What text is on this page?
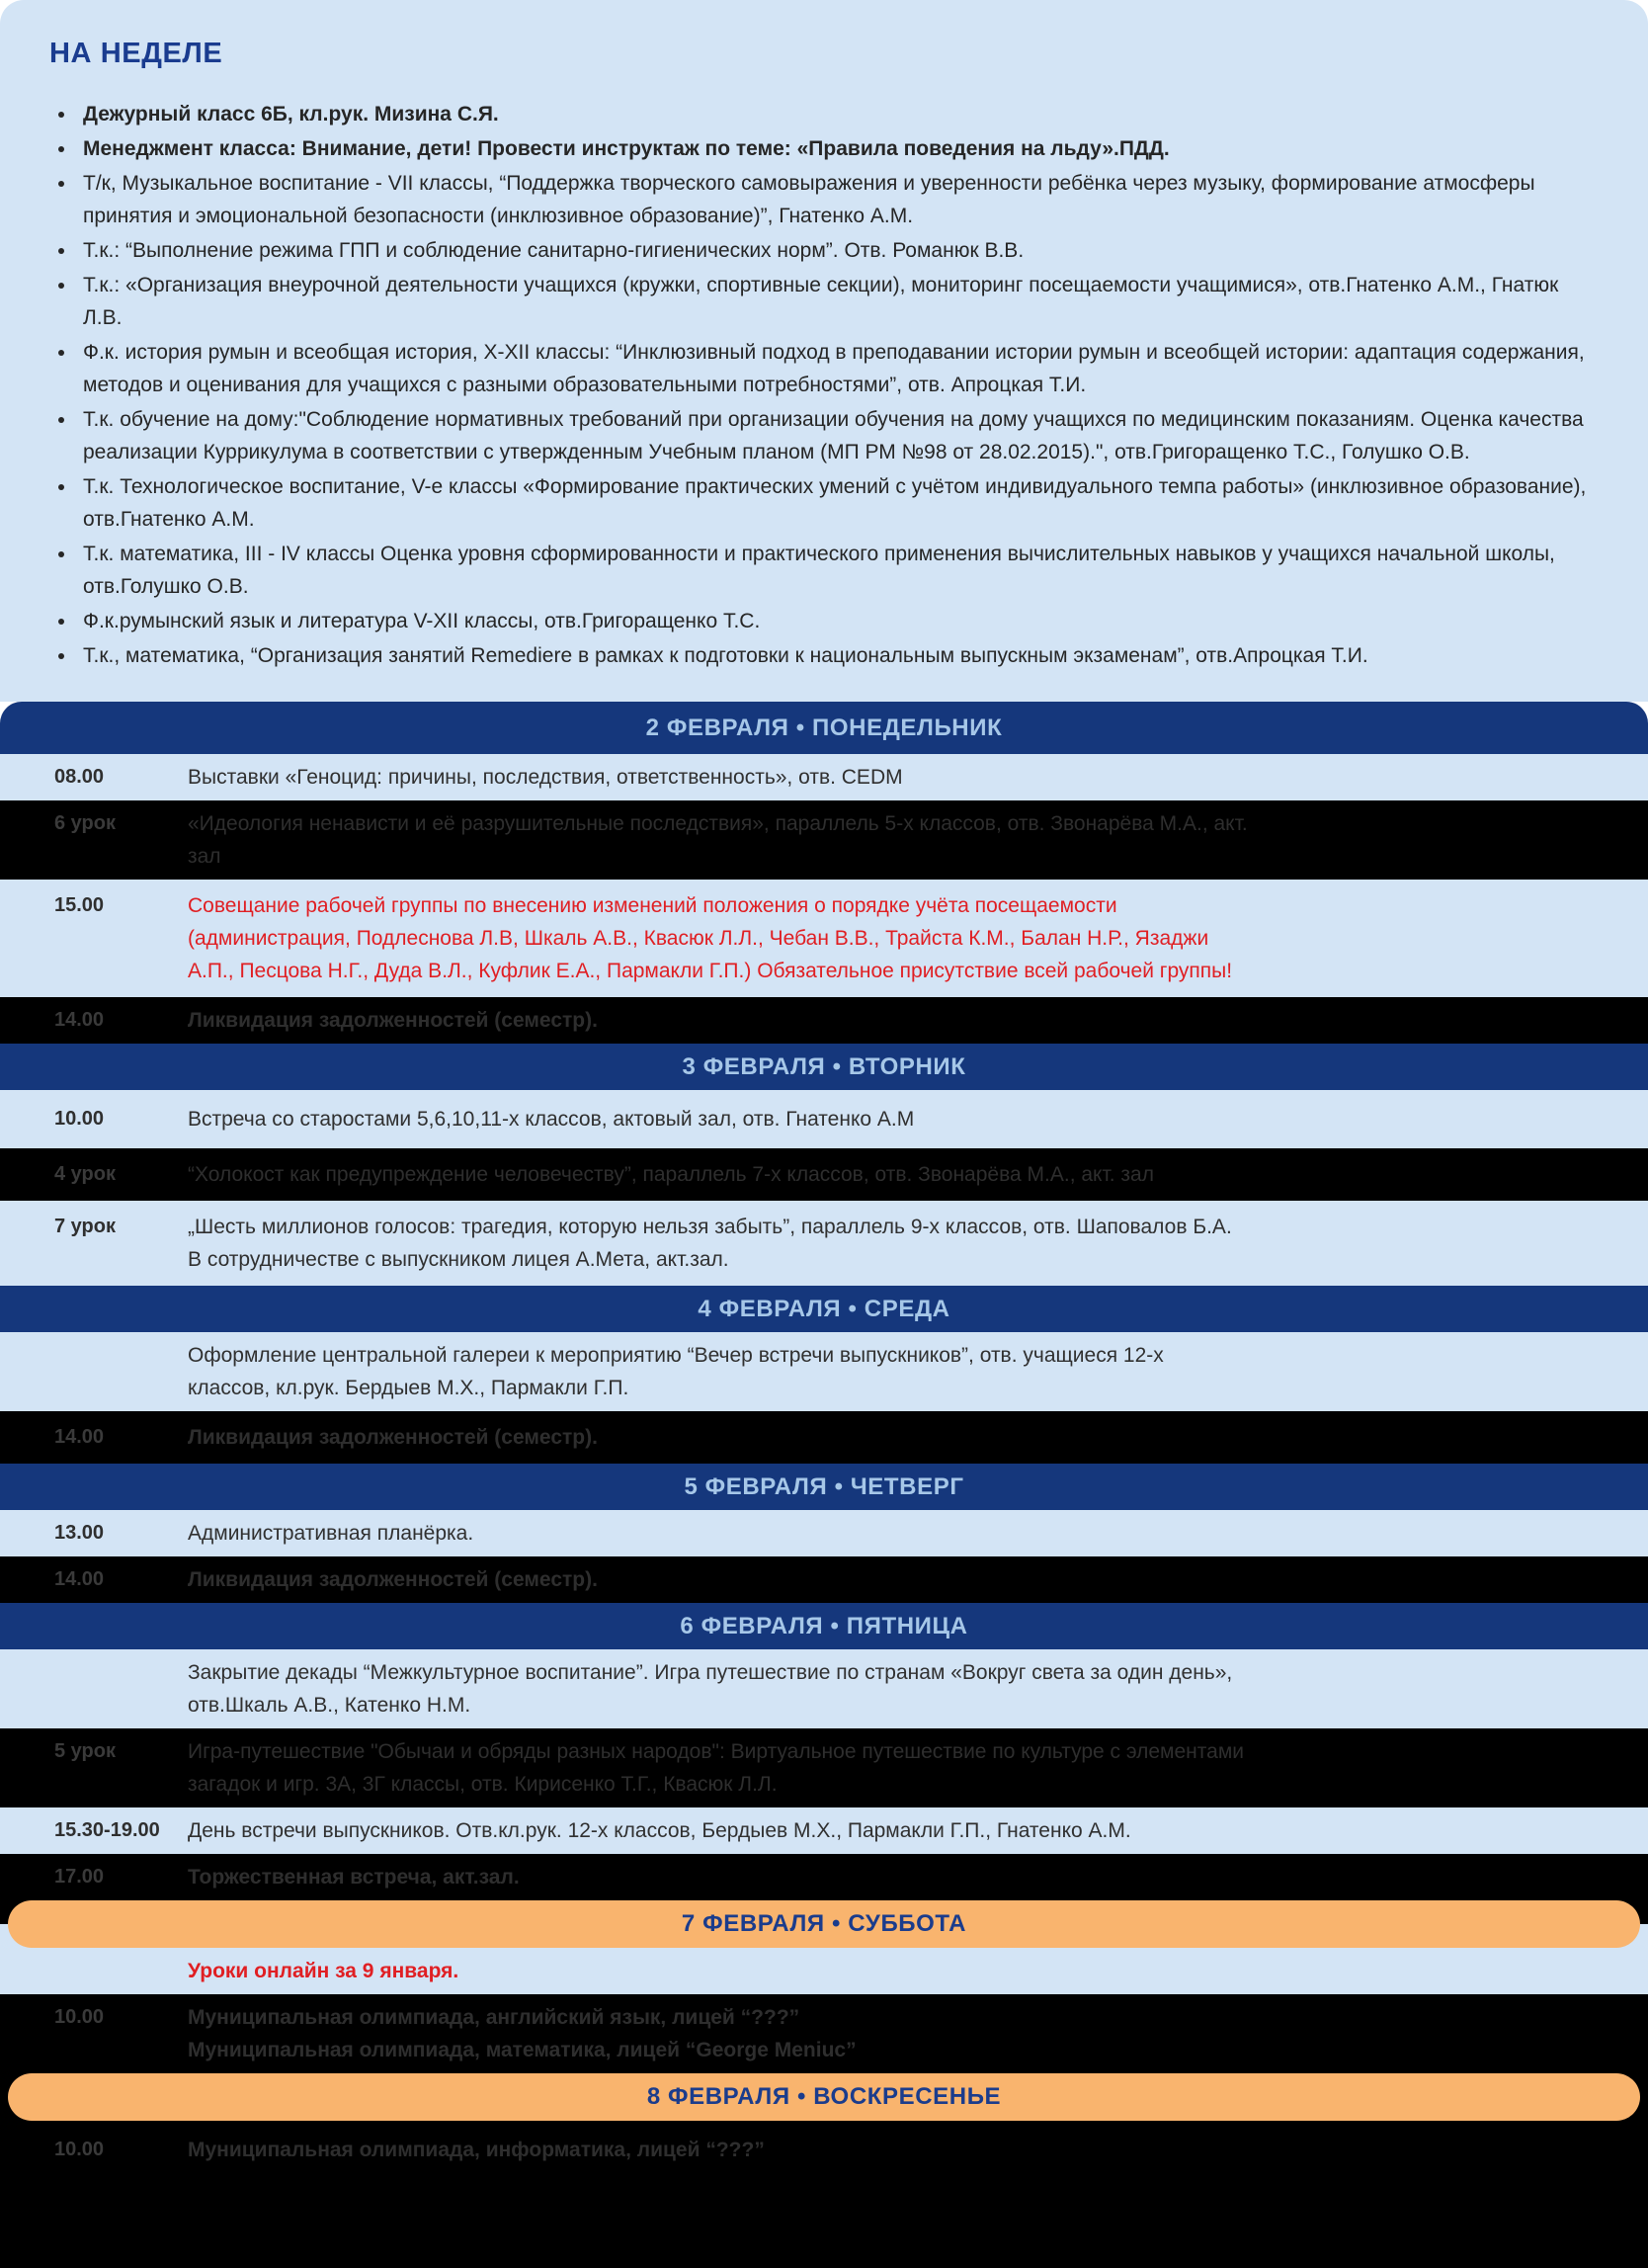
НА НЕДЕЛЕ
• Дежурный класс 6Б, кл.рук. Мизина С.Я.
• Менеджмент класса: Внимание, дети! Провести инструктаж по теме: «Правила поведения на льду».ПДД.
• Т/к, Музыкальное воспитание - VII классы, “Поддержка творческого самовыражения и уверенности ребёнка через музыку, формирование атмосферы принятия и эмоциональной безопасности (инклюзивное образование)”, Гнатенко А.М.
• Т.к.: “Выполнение режима ГПП и соблюдение санитарно-гигиенических норм”. Отв. Романюк В.В.
• Т.к.: «Организация внеурочной деятельности учащихся (кружки, спортивные секции), мониторинг посещаемости учащимися», отв.Гнатенко А.М., Гнатюк Л.В.
• Ф.к. история румын и всеобщая история, X-XII классы: “Инклюзивный подход в преподавании истории румын и всеобщей истории: адаптация содержания, методов и оценивания для учащихся с разными образовательными потребностями”, отв. Апроцкая Т.И.
• Т.к. обучение на дому:"Соблюдение нормативных требований при организации обучения на дому учащихся по медицинским показаниям. Оценка качества реализации Куррикулума в соответствии с утвержденным Учебным планом (МП РМ №98 от 28.02.2015).", отв.Григоращенко Т.С., Голушко О.В.
• Т.к. Технологическое воспитание, V-е классы «Формирование практических умений с учётом индивидуального темпа работы» (инклюзивное образование), отв.Гнатенко А.М.
• Т.к. математика, III - IV классы Оценка уровня сформированности и практического применения вычислительных навыков у учащихся начальной школы, отв.Голушко О.В.
• Ф.к.румынский язык и литература V-XII классы, отв.Григоращенко Т.С.
• Т.к., математика, “Организация занятий Remediere в рамках к подготовки к национальным выпускным экзаменам”, отв.Апроцкая Т.И.
2 ФЕВРАЛЯ • ПОНЕДЕЛЬНИК
08.00	Выставки «Геноцид: причины, последствия, ответственность», отв. CEDM
6 урок	«Идеология ненависти и её разрушительные последствия», параллель 5-х классов, отв. Звонарёва М.А., акт.
зал
15.00	Совещание рабочей группы по внесению изменений положения о порядке учёта посещаемости
(администрация, Подлеснова Л.В, Шкаль А.В., Квасюк Л.Л., Чебан В.В., Трайста К.М., Балан Н.Р., Язаджи
А.П., Песцова Н.Г., Дуда В.Л., Куфлик Е.А., Пармакли Г.П.) Обязательное присутствие всей рабочей группы!
14.00	Ликвидация задолженностей (семестр).
3 ФЕВРАЛЯ • ВТОРНИК
10.00	Встреча со старостами 5,6,10,11-х классов, актовый зал, отв. Гнатенко А.М
4 урок	“Холокост как предупреждение человечеству”, параллель 7-х классов, отв. Звонарёва М.А., акт. зал
7 урок	„Шесть миллионов голосов: трагедия, которую нельзя забыть”, параллель 9-х классов, отв. Шаповалов Б.А.
В сотрудничестве с выпускником лицея А.Мета, акт.зал.
4 ФЕВРАЛЯ • СРЕДА
Оформление центральной галереи к мероприятию “Вечер встречи выпускников”, отв. учащиеся 12-х
классов, кл.рук. Бердыев М.Х., Пармакли Г.П.
14.00	Ликвидация задолженностей (семестр).
5 ФЕВРАЛЯ • ЧЕТВЕРГ
13.00	Административная планёрка.
14.00	Ликвидация задолженностей (семестр).
6 ФЕВРАЛЯ • ПЯТНИЦА
Закрытие декады “Межкультурное воспитание”. Игра путешествие по странам «Вокруг света за один день»,
отв.Шкаль А.В., Катенко Н.М.
5 урок	Игра-путешествие "Обычаи и обряды разных народов": Виртуальное путешествие по культуре с элементами
загадок и игр. 3А, 3Г классы, отв. Кирисенко Т.Г., Квасюк Л.Л.
15.30-19.00	День встречи выпускников. Отв.кл.рук. 12-х классов, Бердыев М.Х., Пармакли Г.П., Гнатенко А.М.
17.00	Торжественная встреча, акт.зал.
7 ФЕВРАЛЯ • СУББОТА
Уроки онлайн за 9 января.
10.00	Муниципальная олимпиада, английский язык, лицей “???”
Муниципальная олимпиада, математика, лицей “George Meniuc”
8 ФЕВРАЛЯ • ВОСКРЕСЕНЬЕ
10.00	Муниципальная олимпиада, информатика, лицей “???”
